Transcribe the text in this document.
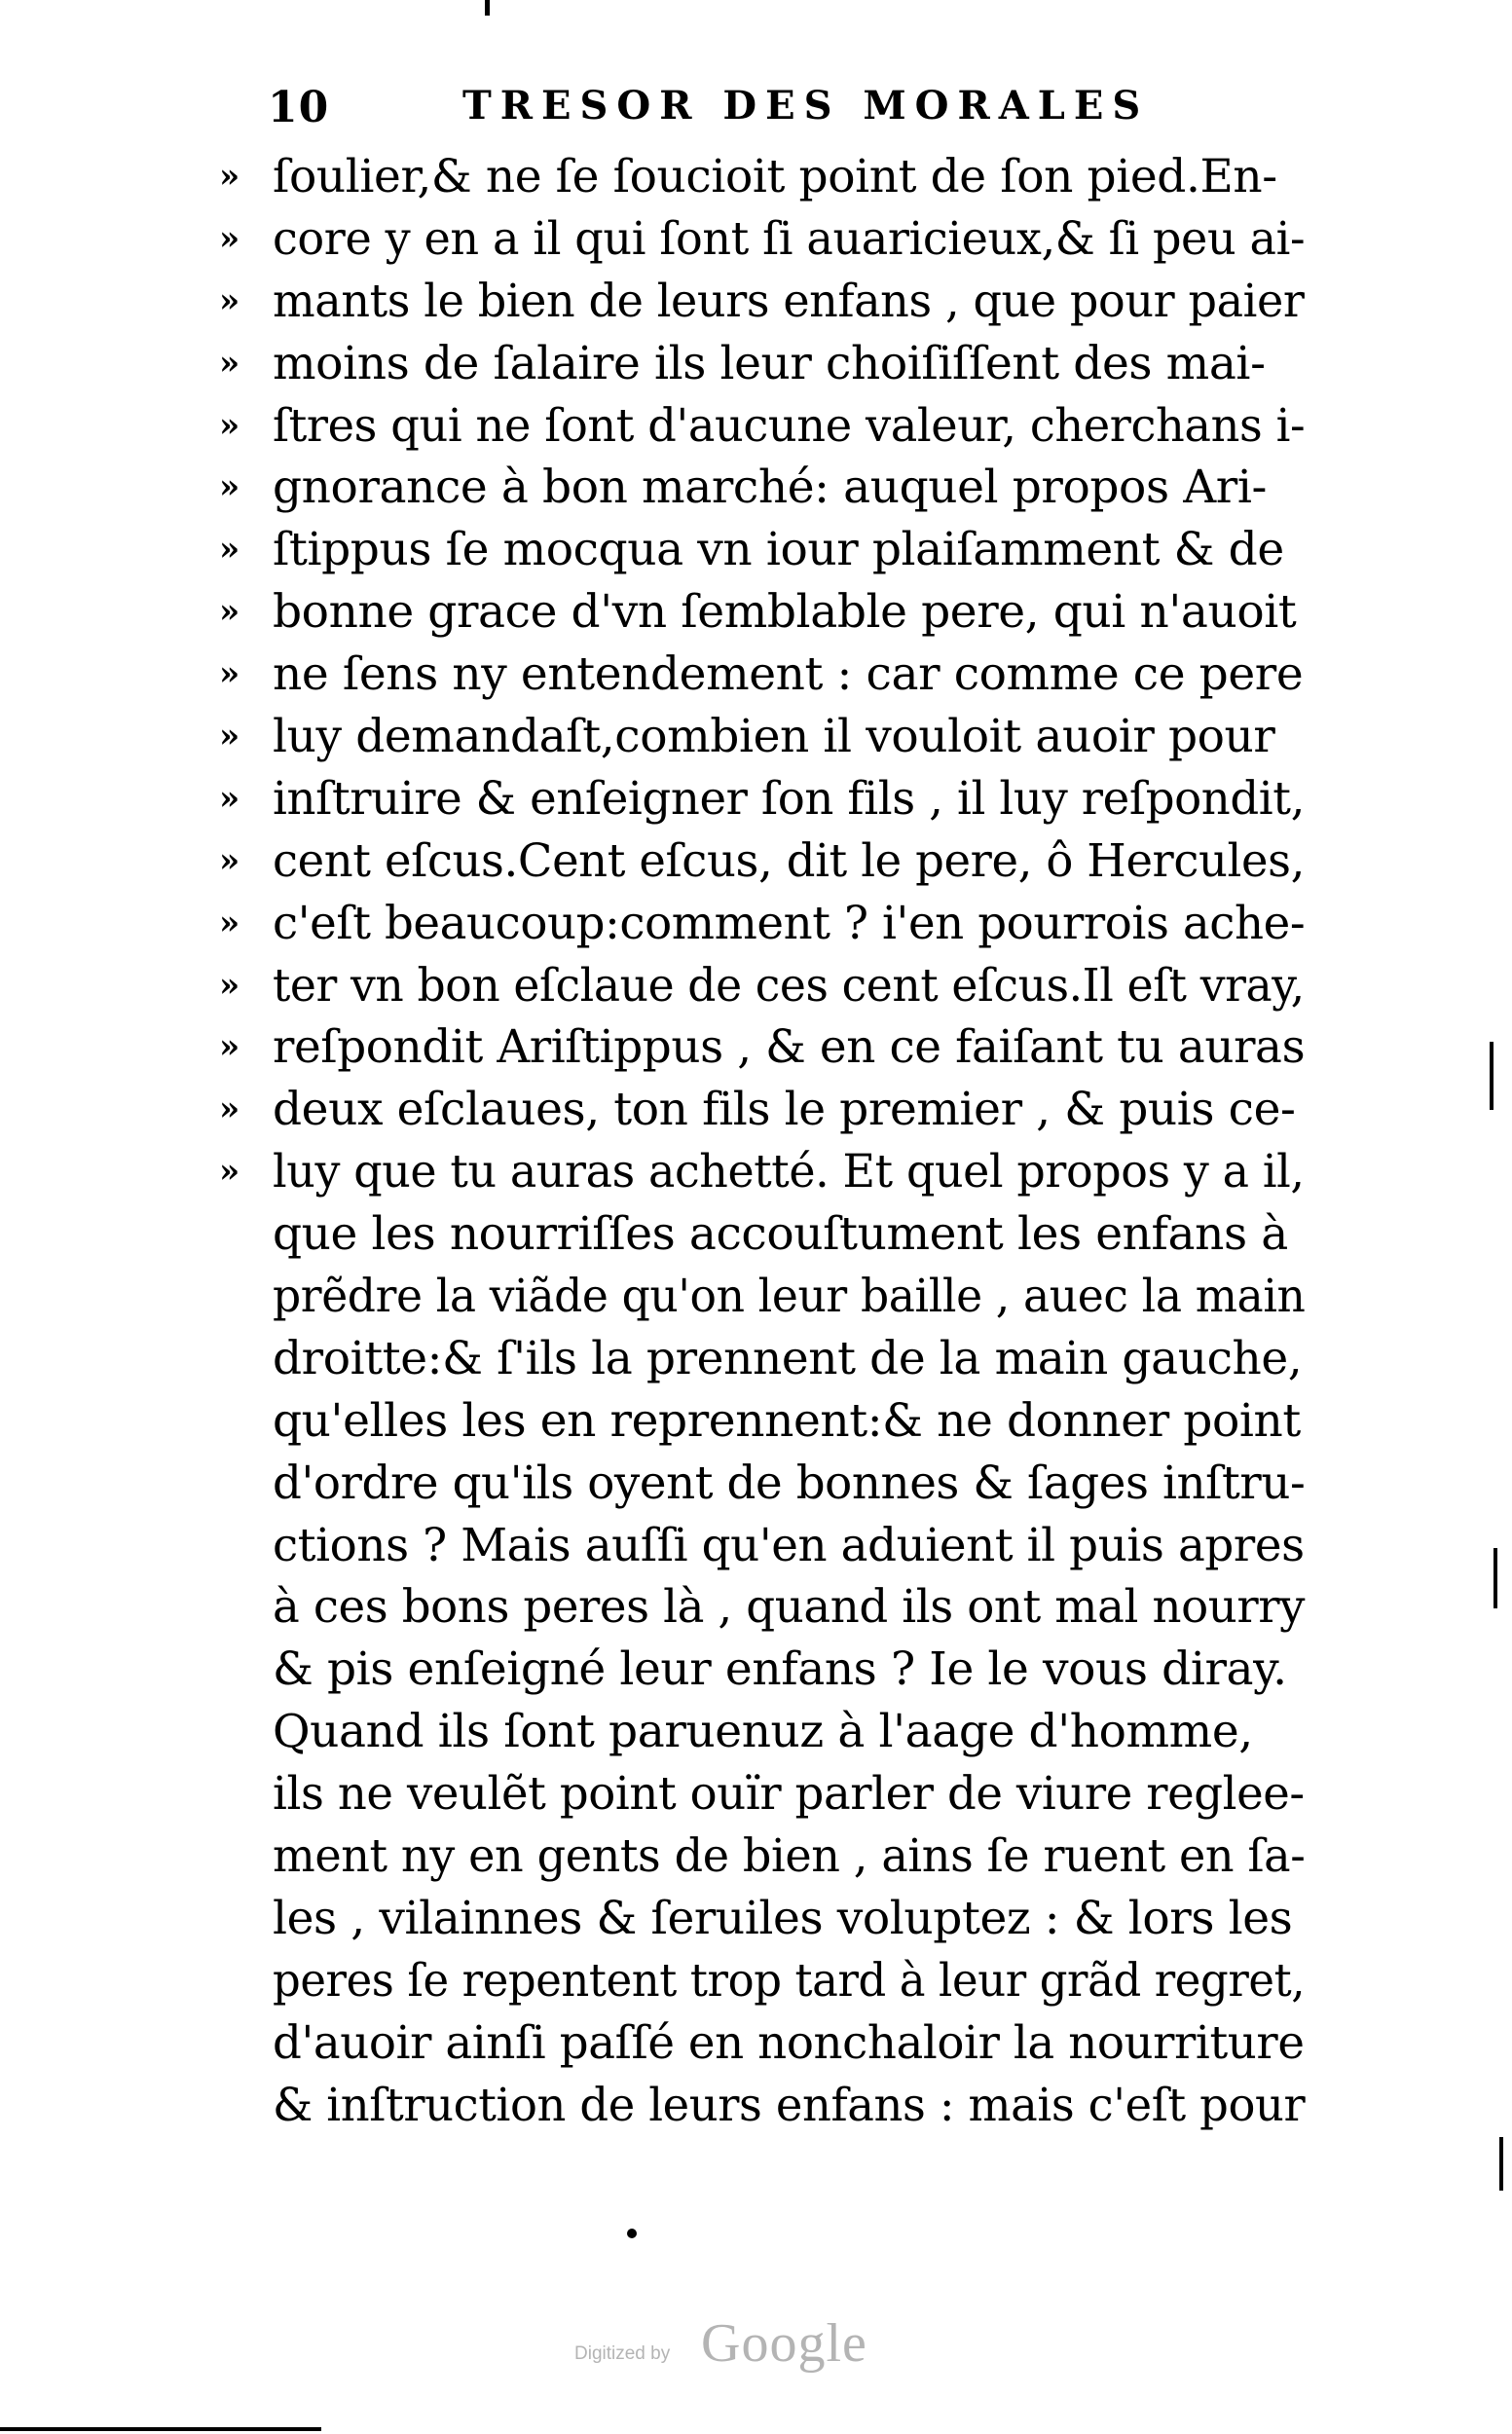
10	TRESOR DES MORALES
» ſoulier,& ne ſe ſoucioit point de ſon pied.En-
» core y en a il qui ſont ſi auaricieux,& ſi peu ai-
» mants le bien de leurs enfans , que pour paier
» moins de ſalaire ils leur choiſiſſent des mai-
» ſtres qui ne ſont d'aucune valeur, cherchans i-
» gnorance à bon marché: auquel propos Ari-
» ſtippus ſe mocqua vn iour plaiſamment & de
» bonne grace d'vn ſemblable pere, qui n'auoit
» ne ſens ny entendement : car comme ce pere
» luy demandaſt,combien il vouloit auoir pour
» inſtruire & enſeigner ſon fils , il luy reſpondit,
» cent eſcus.Cent eſcus, dit le pere, ô Hercules,
» c'eſt beaucoup:comment ? i'en pourrois ache-
» ter vn bon eſclaue de ces cent eſcus.Il eſt vray,
» reſpondit Ariſtippus , & en ce faiſant tu auras
» deux eſclaues, ton fils le premier , & puis ce-
» luy que tu auras achetté. Et quel propos y a il,
que les nourriſſes accouſtument les enfans à
prẽdre la viãde qu'on leur baille , auec la main
droitte:& ſ'ils la prennent de la main gauche,
qu'elles les en reprennent:& ne donner point
d'ordre qu'ils oyent de bonnes & ſages inſtru-
ctions ? Mais auſſi qu'en aduient il puis apres
à ces bons peres là , quand ils ont mal nourry
& pis enſeigné leur enfans ? Ie le vous diray.
Quand ils ſont paruenuz à l'aage d'homme,
ils ne veulẽt point ouïr parler de viure reglee-
ment ny en gents de bien , ains ſe ruent en ſa-
les , vilainnes & ſeruiles voluptez : & lors les
peres ſe repentent trop tard à leur grãd regret,
d'auoir ainſi paſſé en nonchaloir la nourriture
& inſtruction de leurs enfans : mais c'eſt pour
Digitized by Google
